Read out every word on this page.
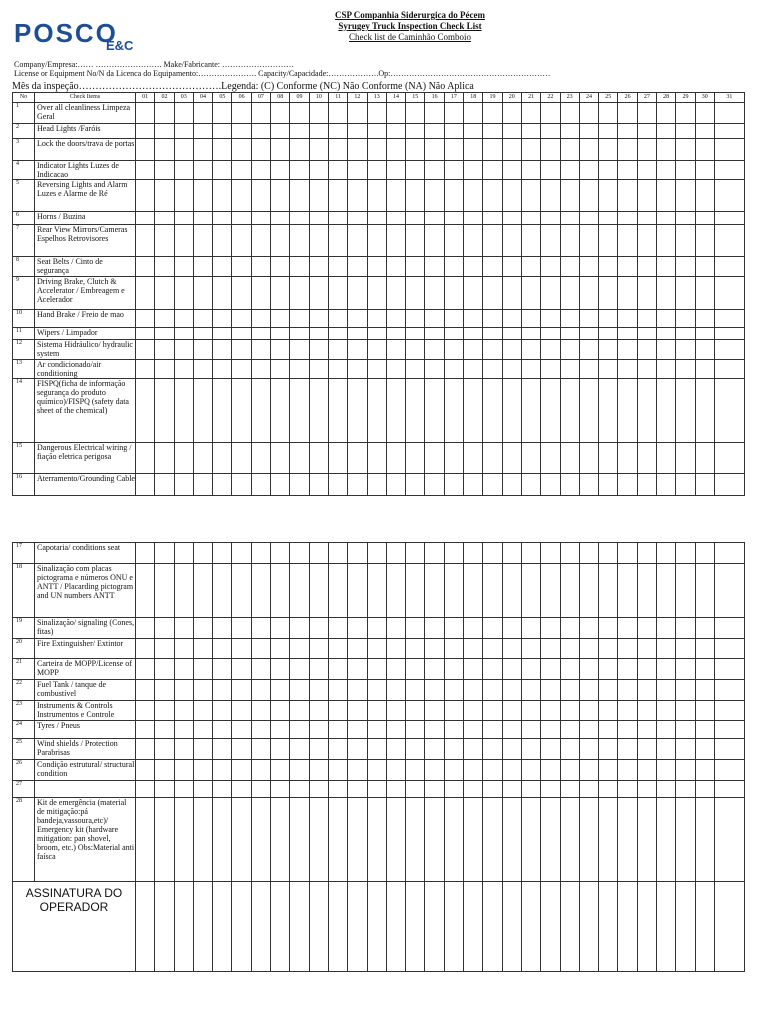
POSCO
E&C
CSP Companhia Siderurgica do Pécem
Syrugey Truck Inspection Check List
Check list de Caminhão Comboio
Company/Empresa:…… ……………………. Make/Fabricante: ………………………
License or Equipment No/N da Licenca do Equipamento:…………………. Capacity/Capacidade:……………….Op:……………………………………………………
Mês da inspeção…………………………………….Legenda: (C) Conforme (NC) Não Conforme (NA) Não Aplica
No	Check Items	01	02	03	04	05	06	07	08	09	10	11	12	13	14	15	16	17	18	19	20	21	22	23	24	25	26	27	28	29	30	31
1	Over all cleanliness Limpeza Geral																															
2	Head Lights /Faróis																															
3	Lock the doors/trava de portas																															
4	Indicator Lights Luzes de Indicacao																															
5	Reversing Lights and Alarm Luzes e Alarme de Ré																															
6	Horns / Buzina																															
7	Rear View Mirrors/Cameras Espelhos Retrovisores																															
8	Seat Belts / Cinto de segurança																															
9	Driving Brake, Clutch & Accelerator / Embreagem e Acelerador																															
10	Hand Brake / Freio de mao																															
11	Wipers / Limpador																															
12	Sistema Hidráulico/ hydraulic system																															
13	Ar condicionado/air conditioning																															
14	FISPQ(ficha de informação segurança do produto químico)/FISPQ (safety data sheet of the chemical)																															
15	Dangerous Electrical wiring / fiação eletrica perigosa																															
16	Aterramento/Grounding Cable																															
17	Capotaria/ conditions seat																															
18	Sinalização com placas pictograma e números ONU e ANTT / Placarding pictogram and UN numbers ANTT																															
19	Sinalização/ signaling (Cones, fitas)																															
20	Fire Extinguisher/ Extintor																															
21	Carteira de MOPP/License of MOPP																															
22	Fuel Tank / tanque de combustível																															
23	Instruments & Controls Instrumentos e Controle																															
24	Tyres / Pneus																															
25	Wind shields / Protection Parabrisas																															
26	Condição estrutural/ structural condition																															
27																																
28	Kit de emergência (material de mitigação:pá bandeja,vassoura,etc)/ Emergency kit (hardware mitigation: pan shovel, broom, etc.) Obs:Material anti faísca																															
ASSINATURA DO OPERADOR																																
